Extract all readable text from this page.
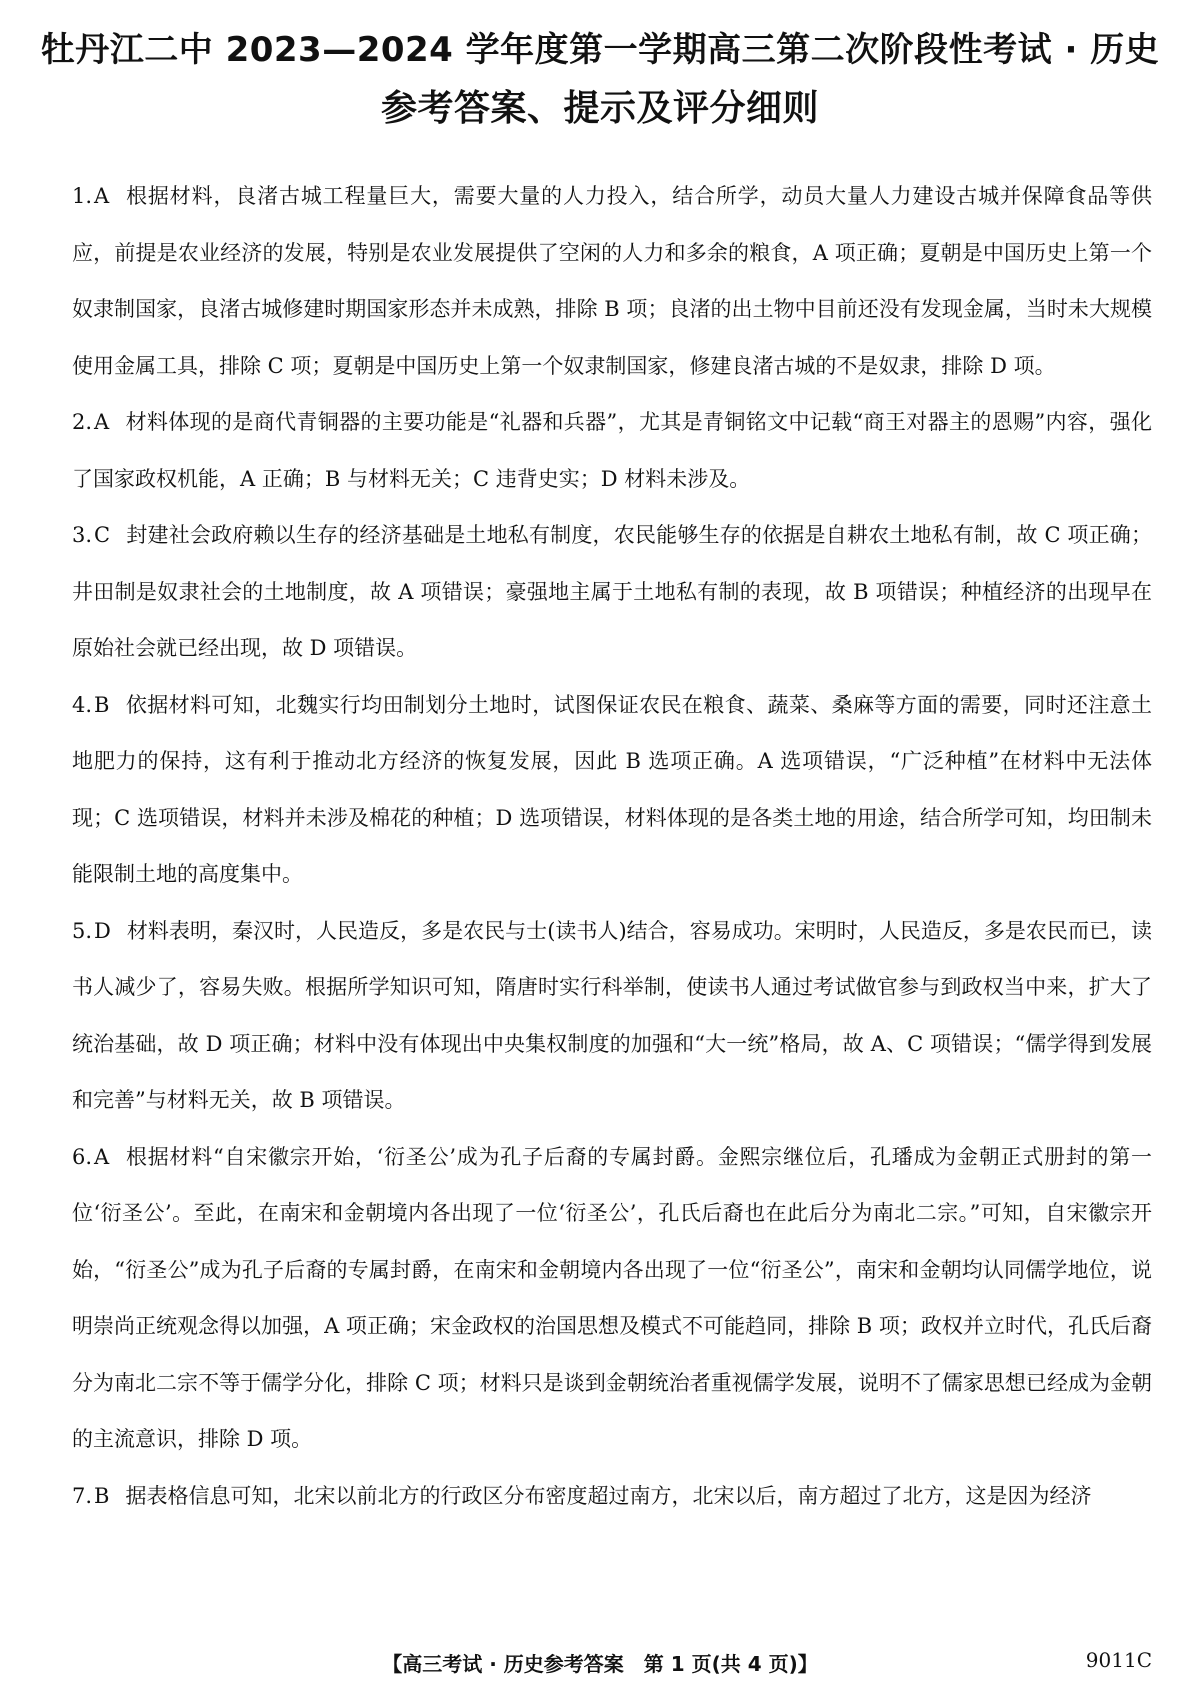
牡丹江二中 2023—2024 学年度第一学期高三第二次阶段性考试 · 历史
参考答案、提示及评分细则
1.A 根据材料，良渚古城工程量巨大，需要大量的人力投入，结合所学，动员大量人力建设古城并保障食品等供应，前提是农业经济的发展，特别是农业发展提供了空闲的人力和多余的粮食，A 项正确；夏朝是中国历史上第一个奴隶制国家，良渚古城修建时期国家形态并未成熟，排除 B 项；良渚的出土物中目前还没有发现金属，当时未大规模使用金属工具，排除 C 项；夏朝是中国历史上第一个奴隶制国家，修建良渚古城的不是奴隶，排除 D 项。
2.A 材料体现的是商代青铜器的主要功能是“礼器和兵器”，尤其是青铜铭文中记载“商王对器主的恩赐”内容，强化了国家政权机能，A 正确；B 与材料无关；C 违背史实；D 材料未涉及。
3.C 封建社会政府赖以生存的经济基础是土地私有制度，农民能够生存的依据是自耕农土地私有制，故 C 项正确；井田制是奴隶社会的土地制度，故 A 项错误；豪强地主属于土地私有制的表现，故 B 项错误；种植经济的出现早在原始社会就已经出现，故 D 项错误。
4.B 依据材料可知，北魏实行均田制划分土地时，试图保证农民在粮食、蔬菜、桑麻等方面的需要，同时还注意土地肥力的保持，这有利于推动北方经济的恢复发展，因此 B 选项正确。A 选项错误，“广泛种植”在材料中无法体现；C 选项错误，材料并未涉及棉花的种植；D 选项错误，材料体现的是各类土地的用途，结合所学可知，均田制未能限制土地的高度集中。
5.D 材料表明，秦汉时，人民造反，多是农民与士(读书人)结合，容易成功。宋明时，人民造反，多是农民而已，读书人减少了，容易失败。根据所学知识可知，隋唐时实行科举制，使读书人通过考试做官参与到政权当中来，扩大了统治基础，故 D 项正确；材料中没有体现出中央集权制度的加强和“大一统”格局，故 A、C 项错误；“儒学得到发展和完善”与材料无关，故 B 项错误。
6.A 根据材料“自宋徽宗开始，‘衍圣公’成为孔子后裔的专属封爵。金熙宗继位后，孔璠成为金朝正式册封的第一位‘衍圣公’。至此，在南宋和金朝境内各出现了一位‘衍圣公’，孔氏后裔也在此后分为南北二宗。”可知，自宋徽宗开始，“衍圣公”成为孔子后裔的专属封爵，在南宋和金朝境内各出现了一位“衍圣公”，南宋和金朝均认同儒学地位，说明崇尚正统观念得以加强，A 项正确；宋金政权的治国思想及模式不可能趋同，排除 B 项；政权并立时代，孔氏后裔分为南北二宗不等于儒学分化，排除 C 项；材料只是谈到金朝统治者重视儒学发展，说明不了儒家思想已经成为金朝的主流意识，排除 D 项。
7.B 据表格信息可知，北宋以前北方的行政区分布密度超过南方，北宋以后，南方超过了北方，这是因为经济
【高三考试 · 历史参考答案　第 1 页(共 4 页)】	9011C
